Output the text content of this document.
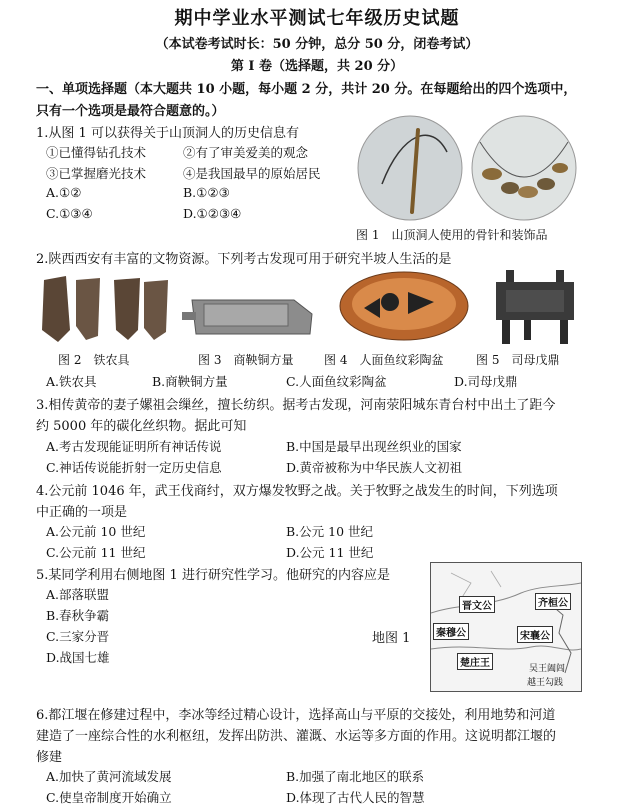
期中学业水平测试七年级历史试题
（本试卷考试时长：50 分钟，总分 50 分，闭卷考试）
第 I 卷（选择题，共 20 分）
一、单项选择题（本大题共 10 小题，每小题 2 分，共计 20 分。在每题给出的四个选项中，
只有一个选项是最符合题意的。）
1.从图 1 可以获得关于山顶洞人的历史信息有
①已懂得钻孔技术	②有了审美爱美的观念
③已掌握磨光技术	④是我国最早的原始居民
A.①②	B.①②③
C.①③④	D.①②③④
图 1　山顶洞人使用的骨针和装饰品
2.陕西西安有丰富的文物资源。下列考古发现可用于研究半坡人生活的是
图 2　铁农具	图 3　商鞅铜方量	图 4　人面鱼纹彩陶盆	图 5　司母戊鼎
A.铁农具	B.商鞅铜方量	C.人面鱼纹彩陶盆	D.司母戊鼎
3.相传黄帝的妻子嫘祖会缫丝，擅长纺织。据考古发现，河南荥阳城东青台村中出土了距今
约 5000 年的碳化丝织物。据此可知
A.考古发现能证明所有神话传说	B.中国是最早出现丝织业的国家
C.神话传说能折射一定历史信息	D.黄帝被称为中华民族人文初祖
4.公元前 1046 年，武王伐商纣，双方爆发牧野之战。关于牧野之战发生的时间，下列选项
中正确的一项是
A.公元前 10 世纪	B.公元 10 世纪
C.公元前 11 世纪	D.公元 11 世纪
5.某同学利用右侧地图 1 进行研究性学习。他研究的内容应是
A.部落联盟
B.春秋争霸
C.三家分晋
D.战国七雄
地图 1
晋文公	齐桓公
秦穆公	宋襄公
楚庄王	吴王阖闾
越王勾践
6.都江堰在修建过程中，李冰等经过精心设计，选择高山与平原的交接处，利用地势和河道
建造了一座综合性的水利枢纽，发挥出防洪、灌溉、水运等多方面的作用。这说明都江堰的
修建
A.加快了黄河流域发展	B.加强了南北地区的联系
C.使皇帝制度开始确立	D.体现了古代人民的智慧
